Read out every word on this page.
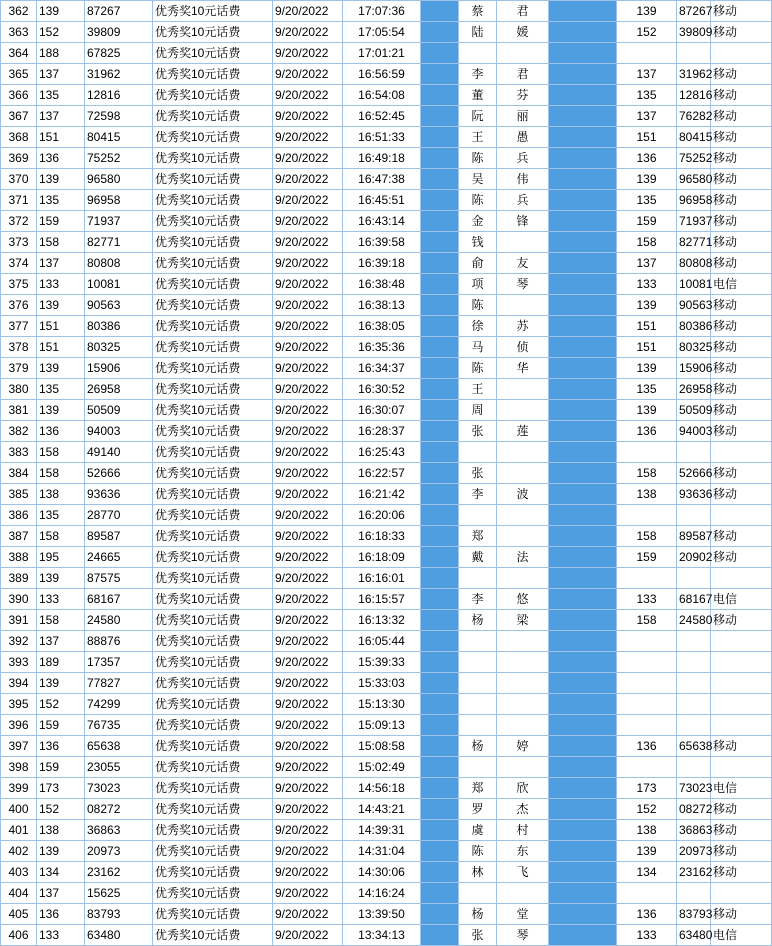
362	139	87267	优秀奖10元话费	9/20/2022	17:07:36		蔡	君		139	87267	移动
363	152	39809	优秀奖10元话费	9/20/2022	17:05:54		陆	媛		152	39809	移动
364	188	67825	优秀奖10元话费	9/20/2022	17:01:21							
365	137	31962	优秀奖10元话费	9/20/2022	16:56:59		李	君		137	31962	移动
366	135	12816	优秀奖10元话费	9/20/2022	16:54:08		董	芬		135	12816	移动
367	137	72598	优秀奖10元话费	9/20/2022	16:52:45		阮	丽		137	76282	移动
368	151	80415	优秀奖10元话费	9/20/2022	16:51:33		王	愚		151	80415	移动
369	136	75252	优秀奖10元话费	9/20/2022	16:49:18		陈	兵		136	75252	移动
370	139	96580	优秀奖10元话费	9/20/2022	16:47:38		吴	伟		139	96580	移动
371	135	96958	优秀奖10元话费	9/20/2022	16:45:51		陈	兵		135	96958	移动
372	159	71937	优秀奖10元话费	9/20/2022	16:43:14		金	锋		159	71937	移动
373	158	82771	优秀奖10元话费	9/20/2022	16:39:58		钱			158	82771	移动
374	137	80808	优秀奖10元话费	9/20/2022	16:39:18		俞	友		137	80808	移动
375	133	10081	优秀奖10元话费	9/20/2022	16:38:48		项	琴		133	10081	电信
376	139	90563	优秀奖10元话费	9/20/2022	16:38:13		陈			139	90563	移动
377	151	80386	优秀奖10元话费	9/20/2022	16:38:05		徐	苏		151	80386	移动
378	151	80325	优秀奖10元话费	9/20/2022	16:35:36		马	侦		151	80325	移动
379	139	15906	优秀奖10元话费	9/20/2022	16:34:37		陈	华		139	15906	移动
380	135	26958	优秀奖10元话费	9/20/2022	16:30:52		王			135	26958	移动
381	139	50509	优秀奖10元话费	9/20/2022	16:30:07		周			139	50509	移动
382	136	94003	优秀奖10元话费	9/20/2022	16:28:37		张	莲		136	94003	移动
383	158	49140	优秀奖10元话费	9/20/2022	16:25:43							
384	158	52666	优秀奖10元话费	9/20/2022	16:22:57		张			158	52666	移动
385	138	93636	优秀奖10元话费	9/20/2022	16:21:42		李	波		138	93636	移动
386	135	28770	优秀奖10元话费	9/20/2022	16:20:06							
387	158	89587	优秀奖10元话费	9/20/2022	16:18:33		郑			158	89587	移动
388	195	24665	优秀奖10元话费	9/20/2022	16:18:09		戴	法		159	20902	移动
389	139	87575	优秀奖10元话费	9/20/2022	16:16:01							
390	133	68167	优秀奖10元话费	9/20/2022	16:15:57		李	悠		133	68167	电信
391	158	24580	优秀奖10元话费	9/20/2022	16:13:32		杨	梁		158	24580	移动
392	137	88876	优秀奖10元话费	9/20/2022	16:05:44							
393	189	17357	优秀奖10元话费	9/20/2022	15:39:33							
394	139	77827	优秀奖10元话费	9/20/2022	15:33:03							
395	152	74299	优秀奖10元话费	9/20/2022	15:13:30							
396	159	76735	优秀奖10元话费	9/20/2022	15:09:13							
397	136	65638	优秀奖10元话费	9/20/2022	15:08:58		杨	婷		136	65638	移动
398	159	23055	优秀奖10元话费	9/20/2022	15:02:49							
399	173	73023	优秀奖10元话费	9/20/2022	14:56:18		郑	欣		173	73023	电信
400	152	08272	优秀奖10元话费	9/20/2022	14:43:21		罗	杰		152	08272	移动
401	138	36863	优秀奖10元话费	9/20/2022	14:39:31		虞	村		138	36863	移动
402	139	20973	优秀奖10元话费	9/20/2022	14:31:04		陈	东		139	20973	移动
403	134	23162	优秀奖10元话费	9/20/2022	14:30:06		林	飞		134	23162	移动
404	137	15625	优秀奖10元话费	9/20/2022	14:16:24							
405	136	83793	优秀奖10元话费	9/20/2022	13:39:50		杨	堂		136	83793	移动
406	133	63480	优秀奖10元话费	9/20/2022	13:34:13		张	琴		133	63480	电信
